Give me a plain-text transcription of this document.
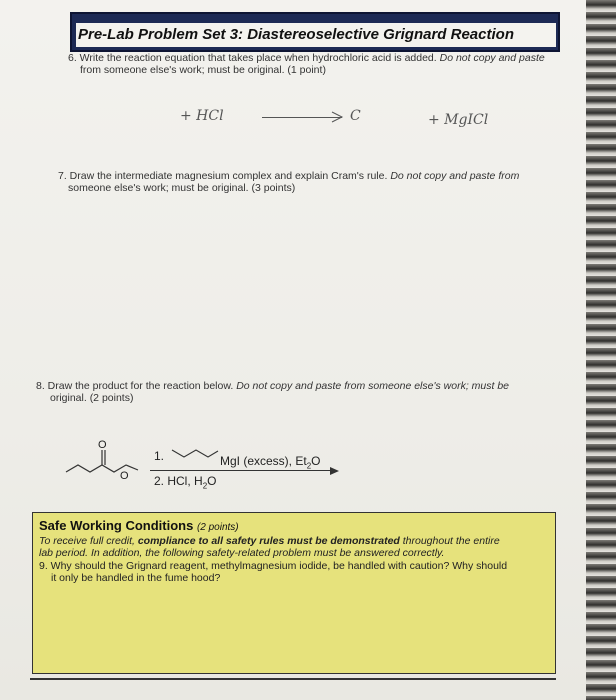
Pre-Lab Problem Set 3: Diastereoselective Grignard Reaction
6. Write the reaction equation that takes place when hydrochloric acid is added. Do not copy and paste
from someone else's work; must be original. (1 point)
+ HCl	C	+ MgICl
7. Draw the intermediate magnesium complex and explain Cram's rule. Do not copy and paste from
someone else's work; must be original. (3 points)
8. Draw the product for the reaction below. Do not copy and paste from someone else's work; must be
original. (2 points)
O
O
1.	MgI (excess), $Et_2O$
2. HCl, $H_2O$
Safe Working Conditions (2 points)
To receive full credit, compliance to all safety rules must be demonstrated throughout the entire
lab period. In addition, the following safety-related problem must be answered correctly.
9. Why should the Grignard reagent, methylmagnesium iodide, be handled with caution? Why should
it only be handled in the fume hood?
